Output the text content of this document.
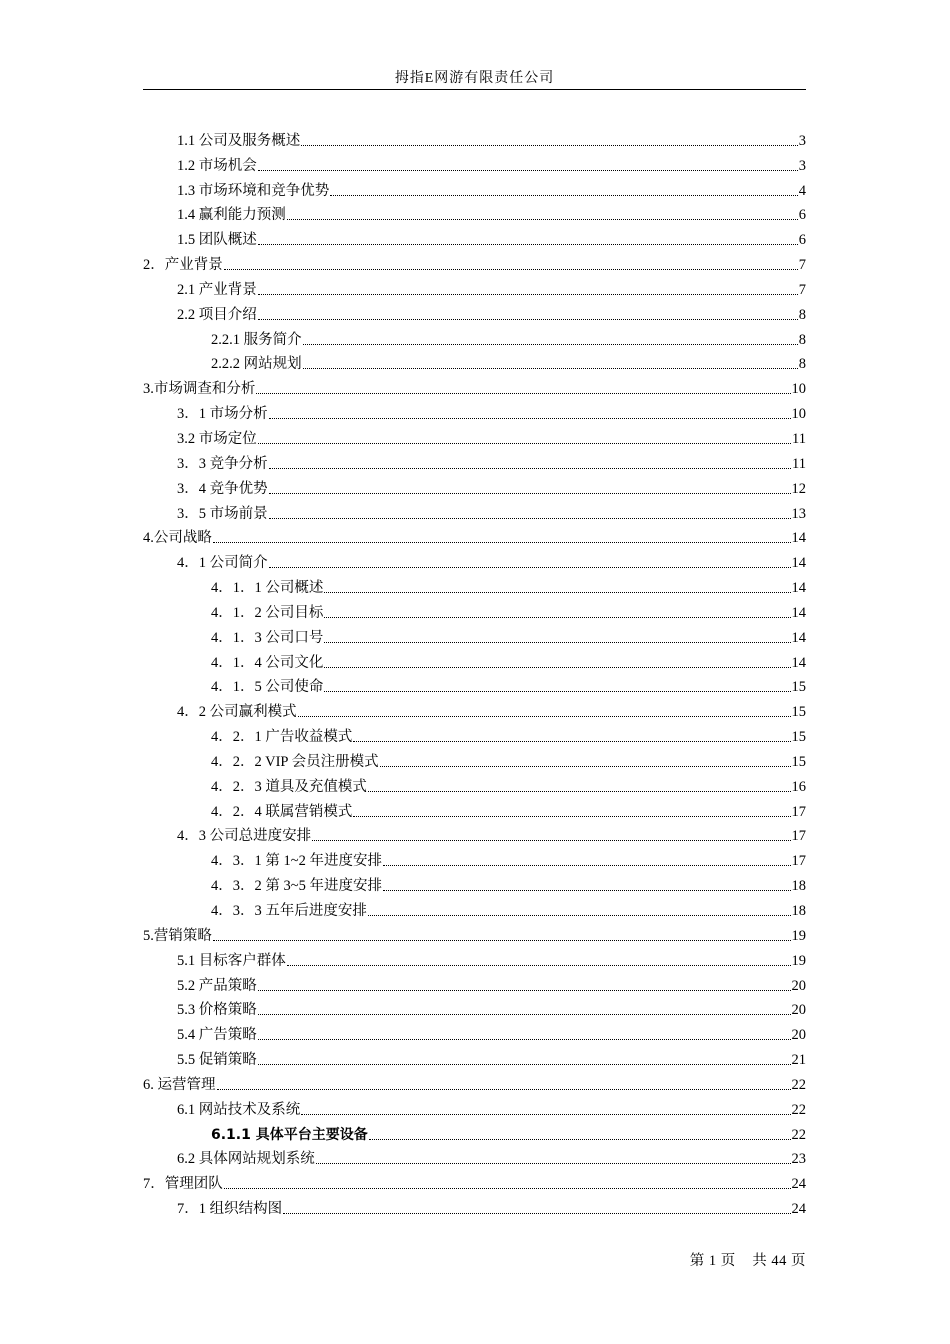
拇指E网游有限责任公司
1.1 公司及服务概述	3
1.2 市场机会	3
1.3 市场环境和竞争优势	4
1.4 赢利能力预测	6
1.5 团队概述	6
2．产业背景	7
2.1 产业背景	7
2.2 项目介绍	8
2.2.1 服务简介	8
2.2.2 网站规划	8
3.市场调查和分析	10
3．1 市场分析	10
3.2 市场定位	11
3．3 竞争分析	11
3．4 竞争优势	12
3．5 市场前景	13
4.公司战略	14
4．1 公司简介	14
4．1．1 公司概述	14
4．1．2 公司目标	14
4．1．3 公司口号	14
4．1．4 公司文化	14
4．1．5 公司使命	15
4．2 公司赢利模式	15
4．2．1 广告收益模式	15
4．2．2 VIP 会员注册模式	15
4．2．3 道具及充值模式	16
4．2．4 联属营销模式	17
4．3 公司总进度安排	17
4．3．1 第 1~2 年进度安排	17
4．3．2 第 3~5 年进度安排	18
4．3．3 五年后进度安排	18
5.营销策略	19
5.1 目标客户群体	19
5.2 产品策略	20
5.3 价格策略	20
5.4 广告策略	20
5.5 促销策略	21
6. 运营管理	22
6.1 网站技术及系统	22
6.1.1 具体平台主要设备	22
6.2 具体网站规划系统	23
7．管理团队	24
7．1 组织结构图	24
第 1 页 共 44 页
